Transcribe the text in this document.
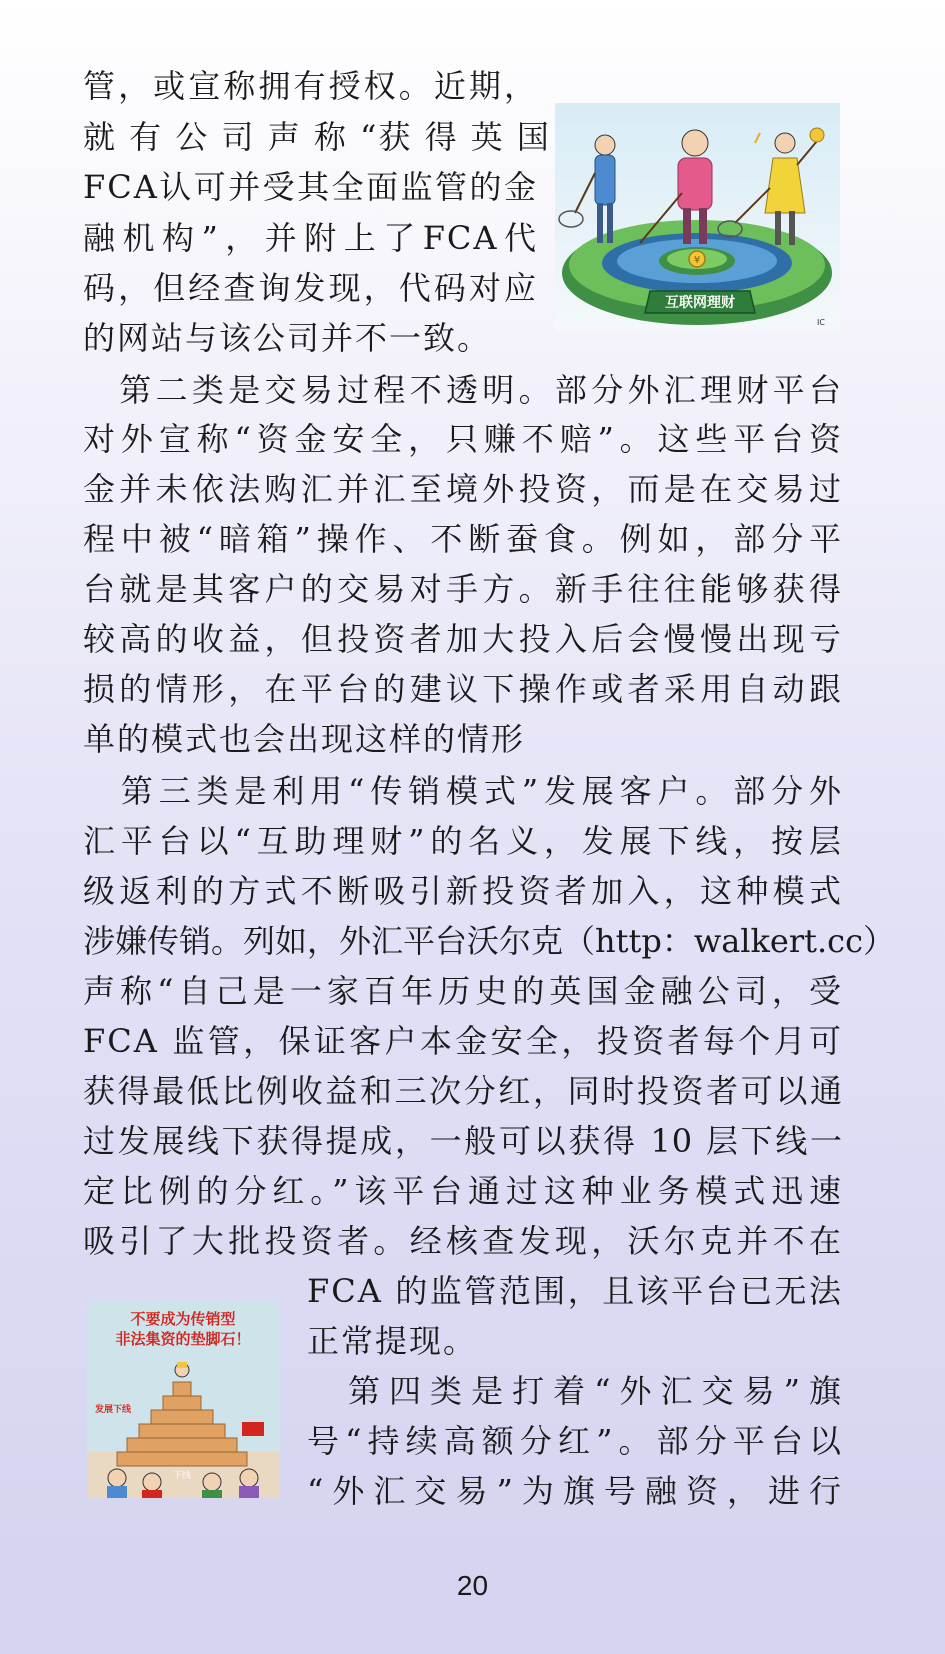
¥
互联网理财
IC
不要成为传销型
非法集资的垫脚石！
下线
发展下线
管，或宣称拥有授权。近期，
就 有 公 司 声 称 “获 得 英 国
FCA认可并受其全面监管的金
融机构”，并附上了FCA代
码，但经查询发现，代码对应
的网站与该公司并不一致。
　第二类是交易过程不透明。部分外汇理财平台
对外宣称“资金安全，只赚不赔”。这些平台资
金并未依法购汇并汇至境外投资，而是在交易过
程中被“暗箱”操作、不断蚕食。例如，部分平
台就是其客户的交易对手方。新手往往能够获得
较高的收益，但投资者加大投入后会慢慢出现亏
损的情形，在平台的建议下操作或者采用自动跟
单的模式也会出现这样的情形
　第三类是利用“传销模式”发展客户。部分外
汇平台以“互助理财”的名义，发展下线，按层
级返利的方式不断吸引新投资者加入，这种模式
涉嫌传销。列如，外汇平台沃尔克（http：walkert.cc）
声称“自己是一家百年历史的英国金融公司，受
FCA 监管，保证客户本金安全，投资者每个月可
获得最低比例收益和三次分红，同时投资者可以通
过发展线下获得提成，一般可以获得 10 层下线一
定比例的分红。”该平台通过这种业务模式迅速
吸引了大批投资者。经核查发现，沃尔克并不在
FCA 的监管范围，且该平台已无法
正常提现。
　第四类是打着“外汇交易”旗
号“持续高额分红”。部分平台以
“外汇交易”为旗号融资，进行
20
